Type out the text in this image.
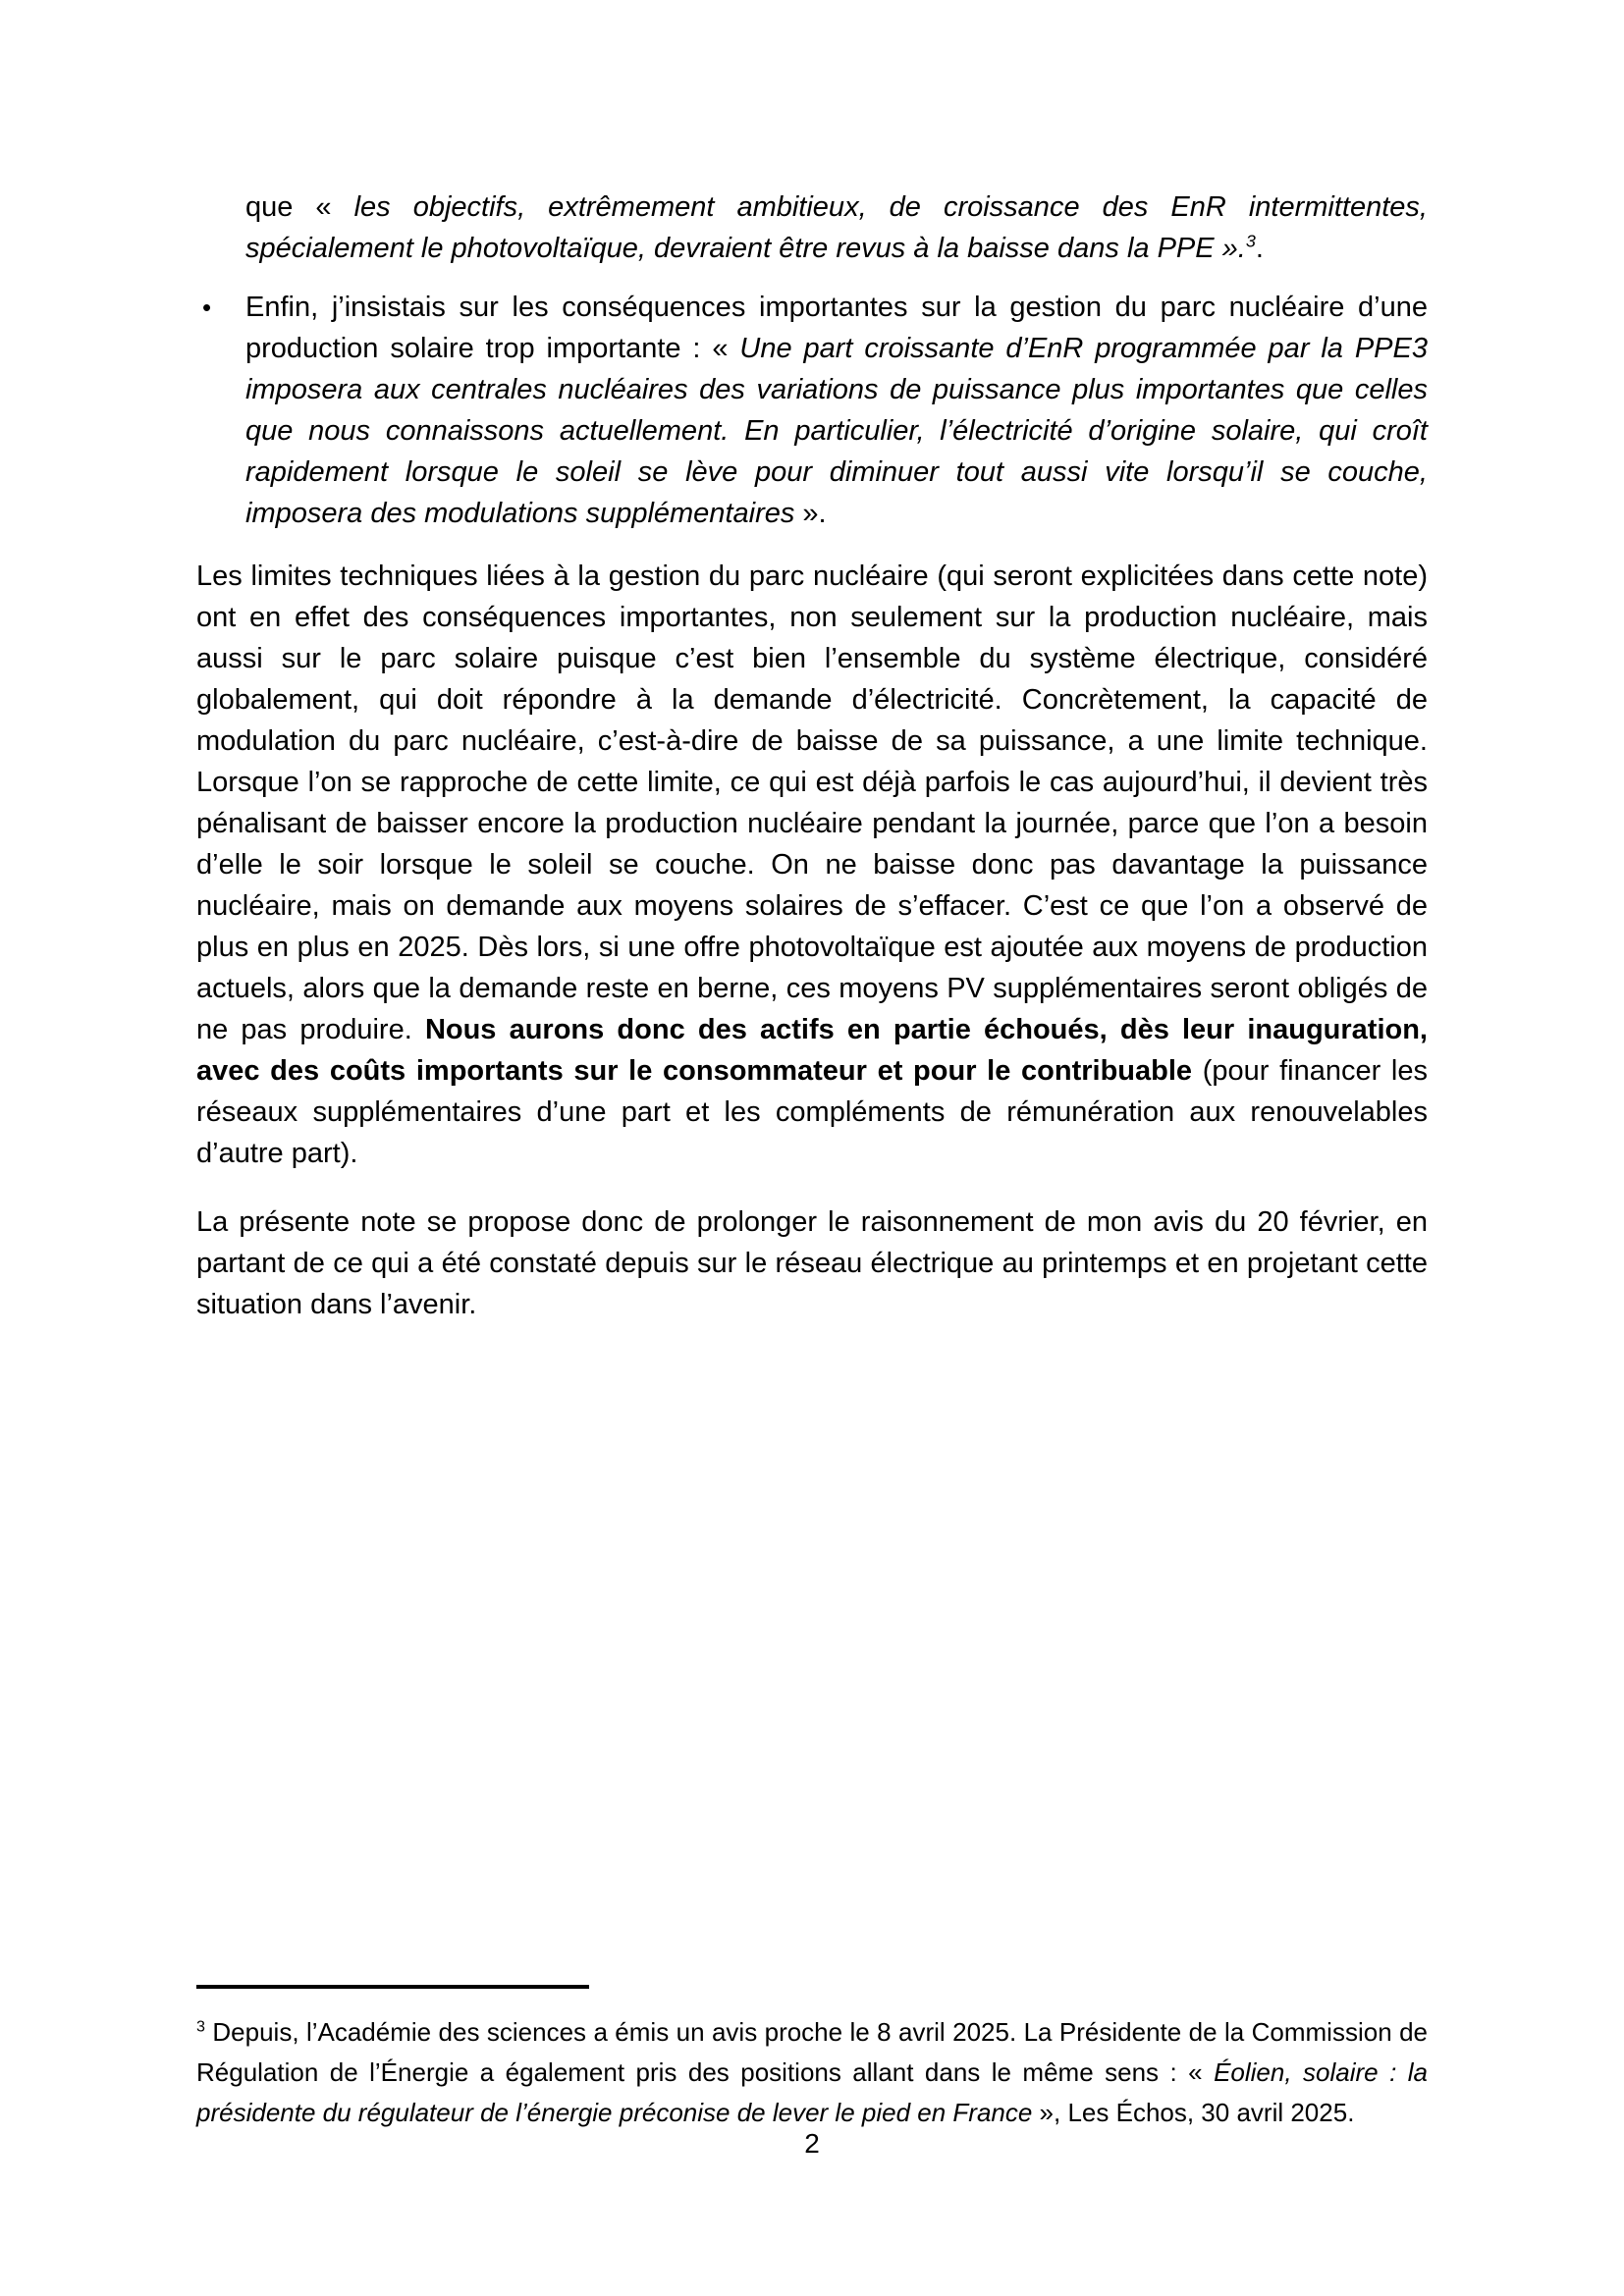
que « les objectifs, extrêmement ambitieux, de croissance des EnR intermittentes, spécialement le photovoltaïque, devraient être revus à la baisse dans la PPE ».$^3$.

• Enfin, j’insistais sur les conséquences importantes sur la gestion du parc nucléaire d’une production solaire trop importante : « Une part croissante d’EnR programmée par la PPE3 imposera aux centrales nucléaires des variations de puissance plus importantes que celles que nous connaissons actuellement. En particulier, l’électricité d’origine solaire, qui croît rapidement lorsque le soleil se lève pour diminuer tout aussi vite lorsqu’il se couche, imposera des modulations supplémentaires ».

Les limites techniques liées à la gestion du parc nucléaire (qui seront explicitées dans cette note) ont en effet des conséquences importantes, non seulement sur la production nucléaire, mais aussi sur le parc solaire puisque c’est bien l’ensemble du système électrique, considéré globalement, qui doit répondre à la demande d’électricité. Concrètement, la capacité de modulation du parc nucléaire, c’est-à-dire de baisse de sa puissance, a une limite technique. Lorsque l’on se rapproche de cette limite, ce qui est déjà parfois le cas aujourd’hui, il devient très pénalisant de baisser encore la production nucléaire pendant la journée, parce que l’on a besoin d’elle le soir lorsque le soleil se couche. On ne baisse donc pas davantage la puissance nucléaire, mais on demande aux moyens solaires de s’effacer. C’est ce que l’on a observé de plus en plus en 2025. Dès lors, si une offre photovoltaïque est ajoutée aux moyens de production actuels, alors que la demande reste en berne, ces moyens PV supplémentaires seront obligés de ne pas produire. Nous aurons donc des actifs en partie échoués, dès leur inauguration, avec des coûts importants sur le consommateur et pour le contribuable (pour financer les réseaux supplémentaires d’une part et les compléments de rémunération aux renouvelables d’autre part).

La présente note se propose donc de prolonger le raisonnement de mon avis du 20 février, en partant de ce qui a été constaté depuis sur le réseau électrique au printemps et en projetant cette situation dans l’avenir.

$^3$ Depuis, l’Académie des sciences a émis un avis proche le 8 avril 2025. La Présidente de la Commission de Régulation de l’Énergie a également pris des positions allant dans le même sens : « Éolien, solaire : la présidente du régulateur de l’énergie préconise de lever le pied en France », Les Échos, 30 avril 2025.

2
